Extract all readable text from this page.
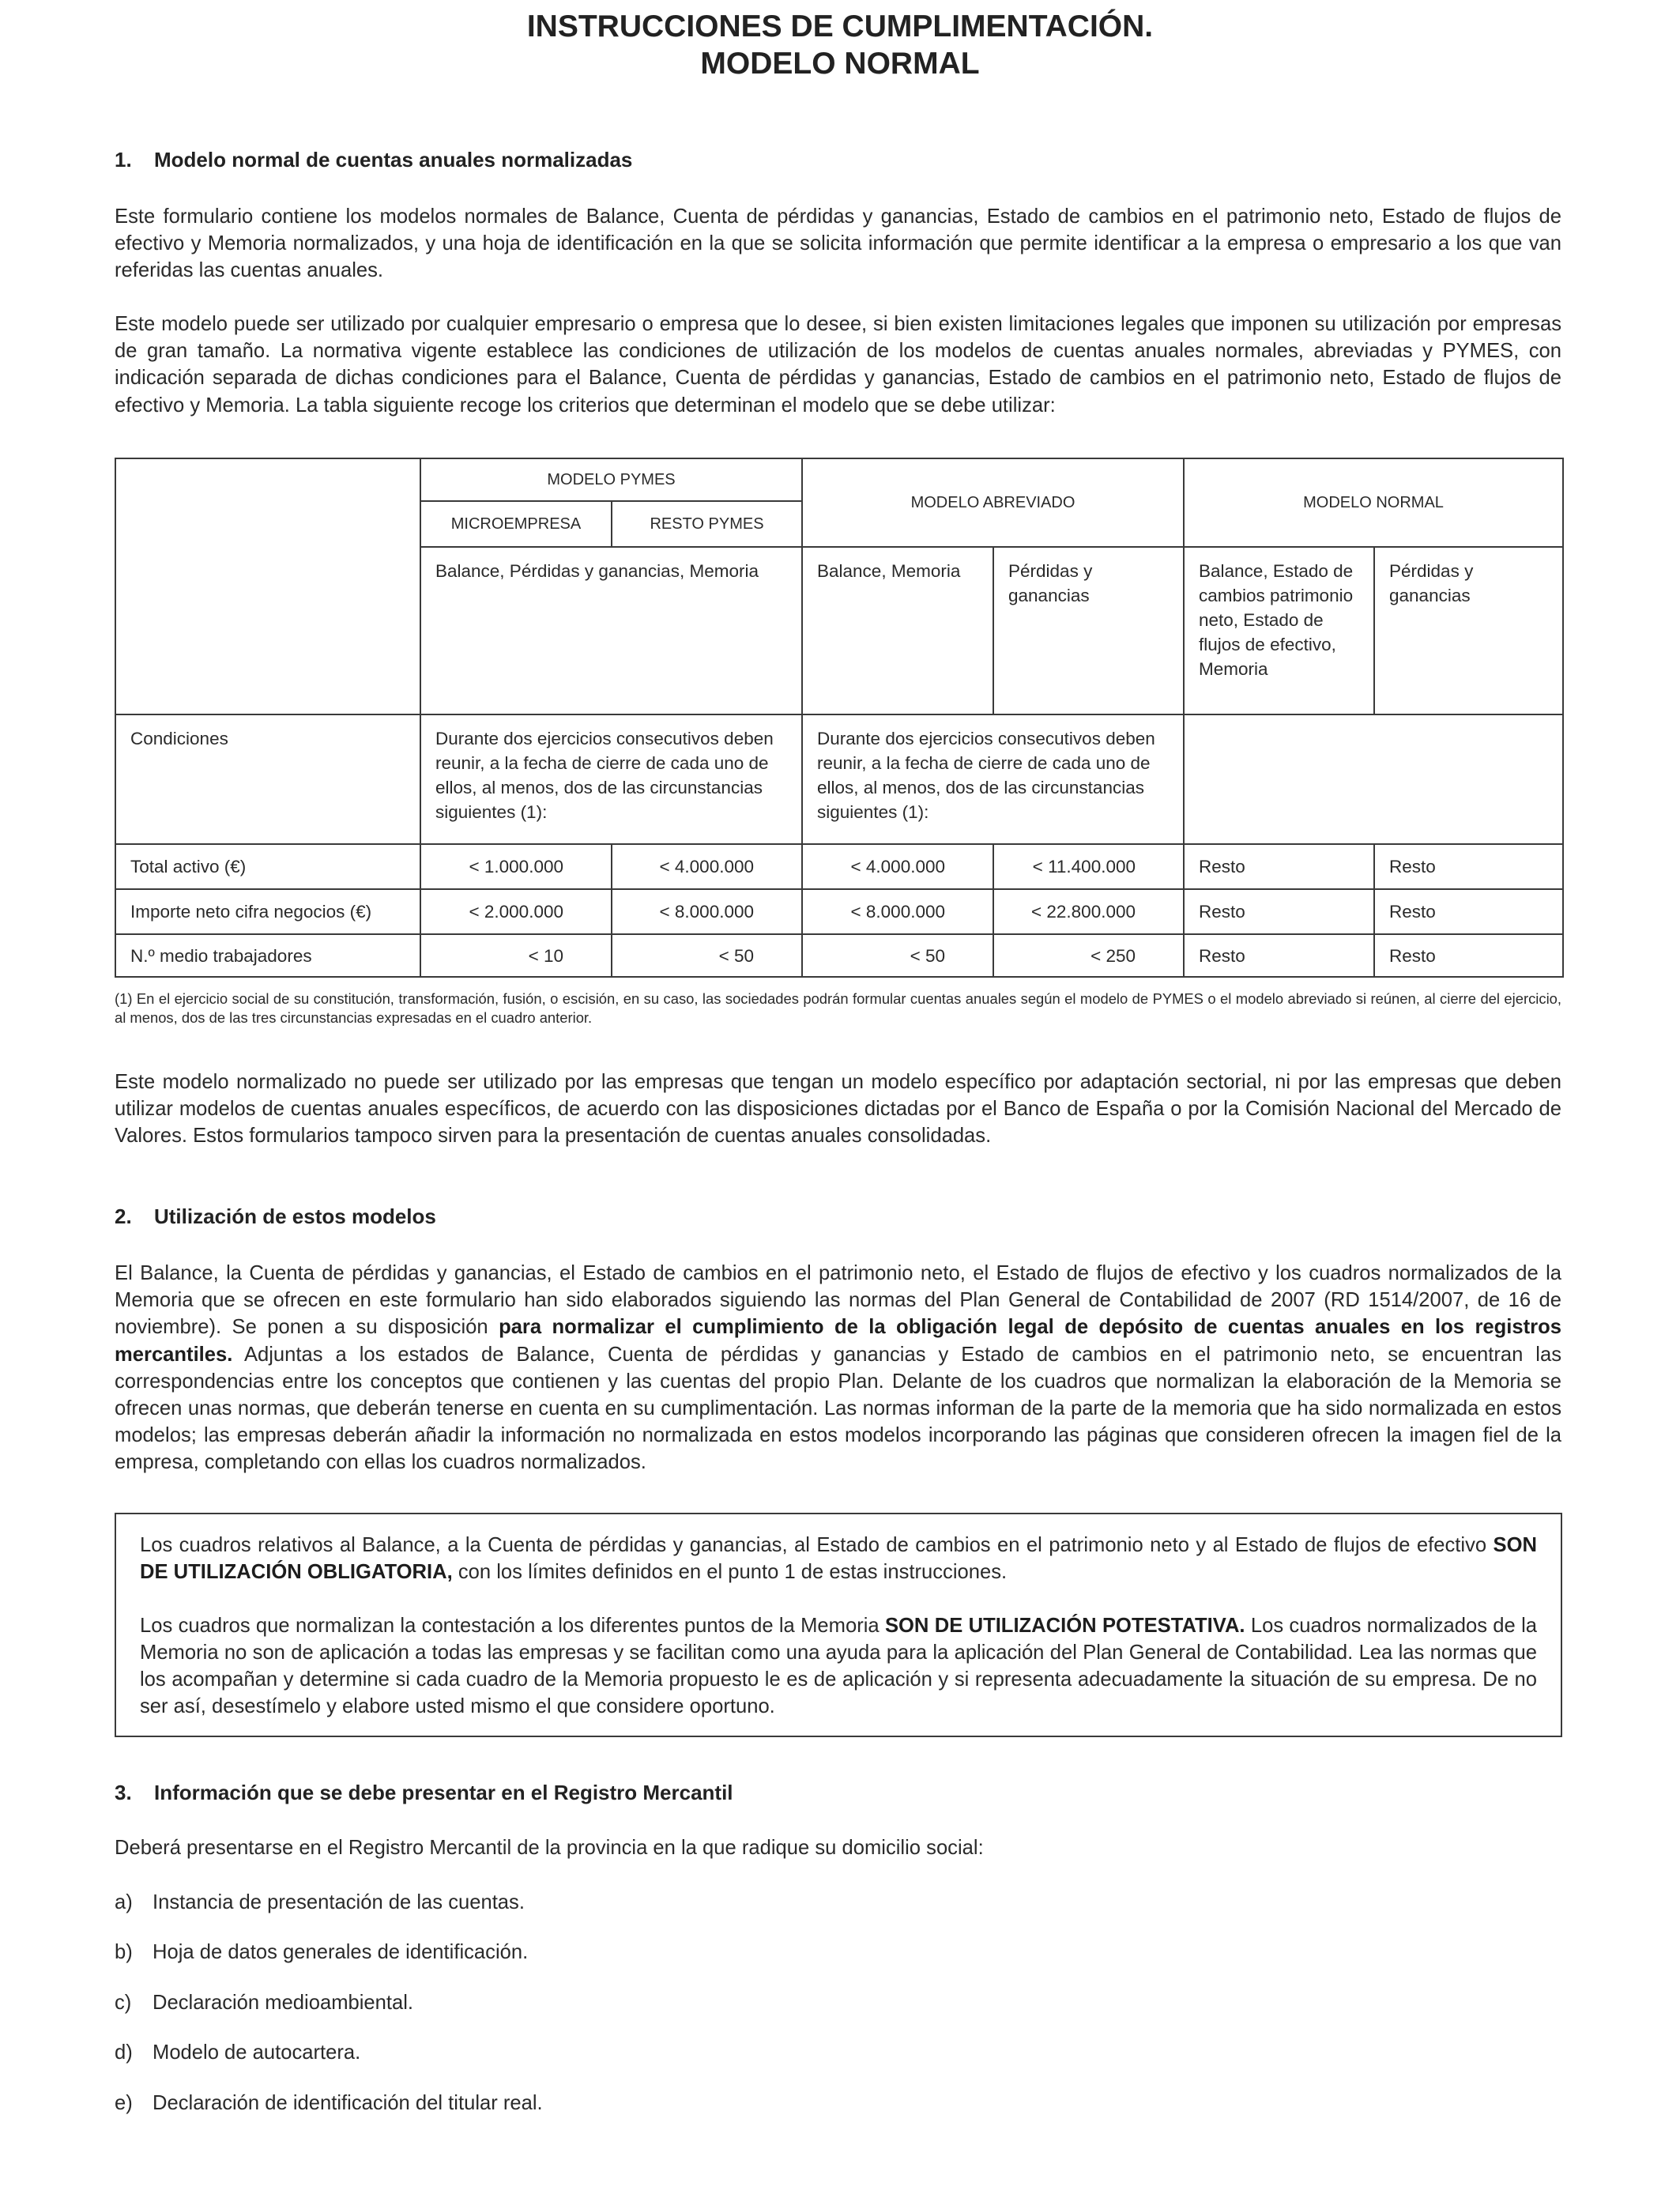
INSTRUCCIONES DE CUMPLIMENTACIÓN.
MODELO NORMAL
1. Modelo normal de cuentas anuales normalizadas
Este formulario contiene los modelos normales de Balance, Cuenta de pérdidas y ganancias, Estado de cambios en el patrimonio neto, Estado de flujos de efectivo y Memoria normalizados, y una hoja de identificación en la que se solicita información que permite identificar a la empresa o empresario a los que van referidas las cuentas anuales.
Este modelo puede ser utilizado por cualquier empresario o empresa que lo desee, si bien existen limitaciones legales que imponen su utilización por empresas de gran tamaño. La normativa vigente establece las condiciones de utilización de los modelos de cuentas anuales normales, abreviadas y PYMES, con indicación separada de dichas condiciones para el Balance, Cuenta de pérdidas y ganancias, Estado de cambios en el patrimonio neto, Estado de flujos de efectivo y Memoria. La tabla siguiente recoge los criterios que determinan el modelo que se debe utilizar:
	MODELO PYMES		MODELO ABREVIADO		MODELO NORMAL	
	MICROEMPRESA	RESTO PYMES				
	Balance, Pérdidas y ganancias, Memoria		Balance, Memoria	Pérdidas y ganancias	Balance, Estado de cambios patrimonio neto, Estado de flujos de efectivo, Memoria	Pérdidas y ganancias
Condiciones	Durante dos ejercicios consecutivos deben reunir, a la fecha de cierre de cada uno de ellos, al menos, dos de las circunstancias siguientes (1):		Durante dos ejercicios consecutivos deben reunir, a la fecha de cierre de cada uno de ellos, al menos, dos de las circunstancias siguientes (1):			
Total activo (€)	< 1.000.000	< 4.000.000	< 4.000.000	< 11.400.000	Resto	Resto
Importe neto cifra negocios (€)	< 2.000.000	< 8.000.000	< 8.000.000	< 22.800.000	Resto	Resto
N.º medio trabajadores	< 10	< 50	< 50	< 250	Resto	Resto
(1) En el ejercicio social de su constitución, transformación, fusión, o escisión, en su caso, las sociedades podrán formular cuentas anuales según el modelo de PYMES o el modelo abreviado si reúnen, al cierre del ejercicio, al menos, dos de las tres circunstancias expresadas en el cuadro anterior.
Este modelo normalizado no puede ser utilizado por las empresas que tengan un modelo específico por adaptación sectorial, ni por las empresas que deben utilizar modelos de cuentas anuales específicos, de acuerdo con las disposiciones dictadas por el Banco de España o por la Comisión Nacional del Mercado de Valores. Estos formularios tampoco sirven para la presentación de cuentas anuales consolidadas.
2. Utilización de estos modelos
El Balance, la Cuenta de pérdidas y ganancias, el Estado de cambios en el patrimonio neto, el Estado de flujos de efectivo y los cuadros normalizados de la Memoria que se ofrecen en este formulario han sido elaborados siguiendo las normas del Plan General de Contabilidad de 2007 (RD 1514/2007, de 16 de noviembre). Se ponen a su disposición para normalizar el cumplimiento de la obligación legal de depósito de cuentas anuales en los registros mercantiles. Adjuntas a los estados de Balance, Cuenta de pérdidas y ganancias y Estado de cambios en el patrimonio neto, se encuentran las correspondencias entre los conceptos que contienen y las cuentas del propio Plan. Delante de los cuadros que normalizan la elaboración de la Memoria se ofrecen unas normas, que deberán tenerse en cuenta en su cumplimentación. Las normas informan de la parte de la memoria que ha sido normalizada en estos modelos; las empresas deberán añadir la información no normalizada en estos modelos incorporando las páginas que consideren ofrecen la imagen fiel de la empresa, completando con ellas los cuadros normalizados.
Los cuadros relativos al Balance, a la Cuenta de pérdidas y ganancias, al Estado de cambios en el patrimonio neto y al Estado de flujos de efectivo SON DE UTILIZACIÓN OBLIGATORIA, con los límites definidos en el punto 1 de estas instrucciones.
Los cuadros que normalizan la contestación a los diferentes puntos de la Memoria SON DE UTILIZACIÓN POTESTATIVA. Los cuadros normalizados de la Memoria no son de aplicación a todas las empresas y se facilitan como una ayuda para la aplicación del Plan General de Contabilidad. Lea las normas que los acompañan y determine si cada cuadro de la Memoria propuesto le es de aplicación y si representa adecuadamente la situación de su empresa. De no ser así, desestímelo y elabore usted mismo el que considere oportuno.
3. Información que se debe presentar en el Registro Mercantil
Deberá presentarse en el Registro Mercantil de la provincia en la que radique su domicilio social:
a) Instancia de presentación de las cuentas.
b) Hoja de datos generales de identificación.
c) Declaración medioambiental.
d) Modelo de autocartera.
e) Declaración de identificación del titular real.
